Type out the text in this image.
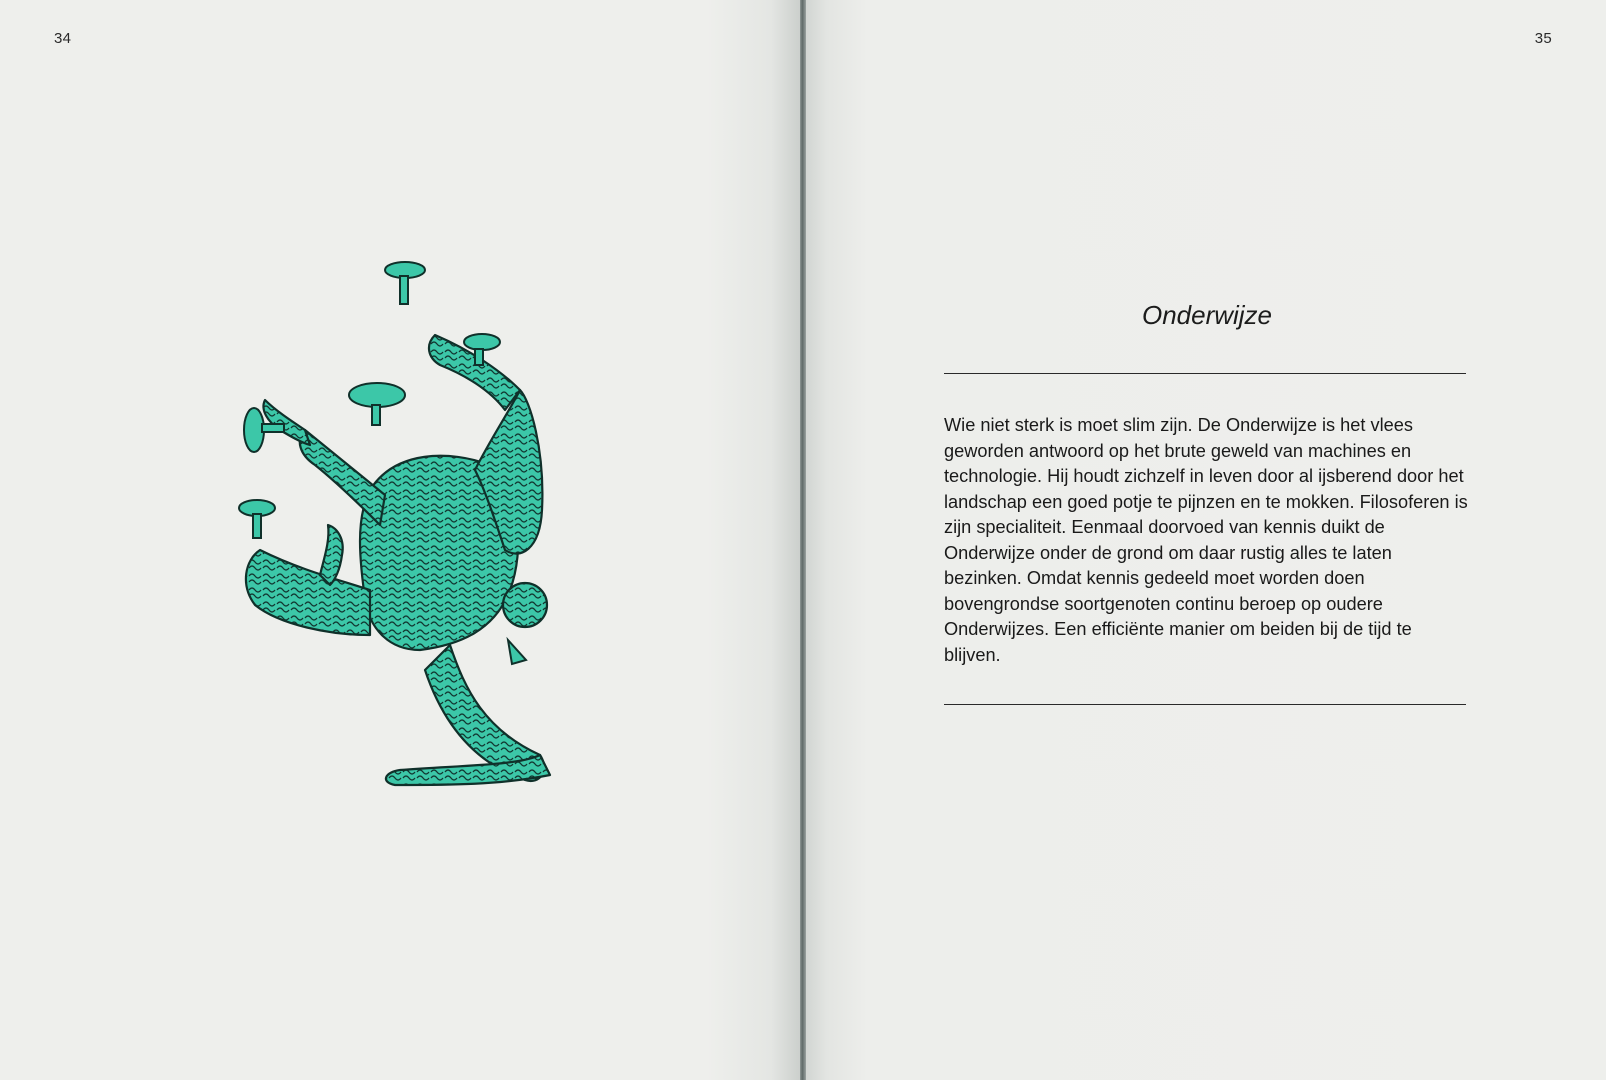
34	35
Onderwijze

Wie niet sterk is moet slim zijn. De Onderwijze is het vlees geworden antwoord op het brute geweld van machines en technologie. Hij houdt zichzelf in leven door al ijsberend door het landschap een goed potje te pijnzen en te mokken. Filosoferen is zijn specialiteit. Eenmaal doorvoed van kennis duikt de Onderwijze onder de grond om daar rustig alles te laten bezinken. Omdat kennis gedeeld moet worden doen bovengrondse soortgenoten continu beroep op oudere Onderwijzes. Een efficiënte manier om beiden bij de tijd te blijven.
